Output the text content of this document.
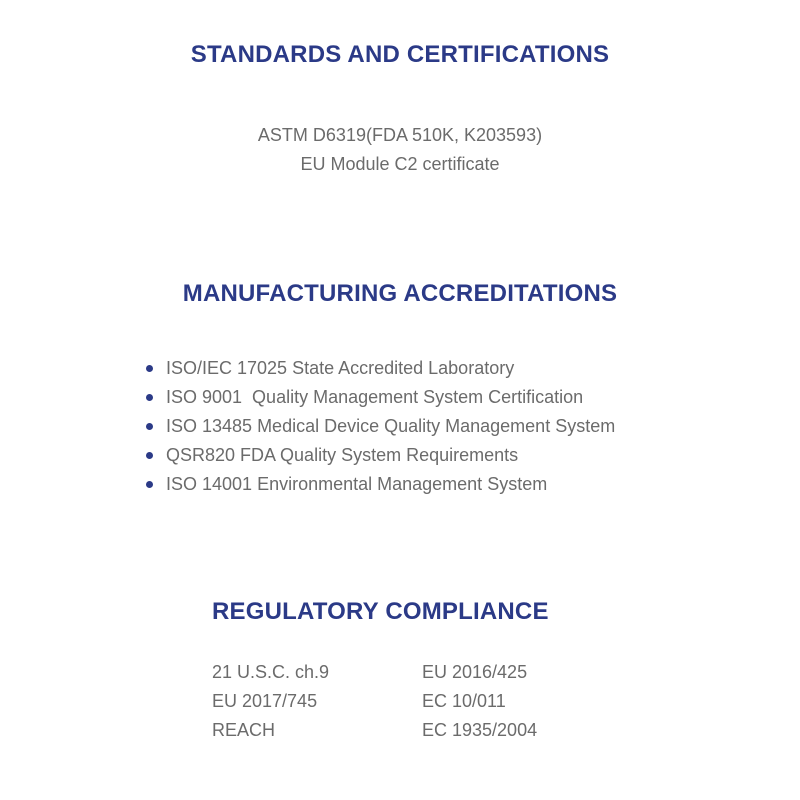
STANDARDS AND CERTIFICATIONS
ASTM D6319(FDA 510K, K203593)
EU Module C2 certificate
MANUFACTURING ACCREDITATIONS
ISO/IEC 17025 State Accredited Laboratory
ISO 9001  Quality Management System Certification
ISO 13485 Medical Device Quality Management System
QSR820 FDA Quality System Requirements
ISO 14001 Environmental Management System
REGULATORY COMPLIANCE
21 U.S.C. ch.9
EU 2017/745
REACH
EU 2016/425
EC 10/011
EC 1935/2004
